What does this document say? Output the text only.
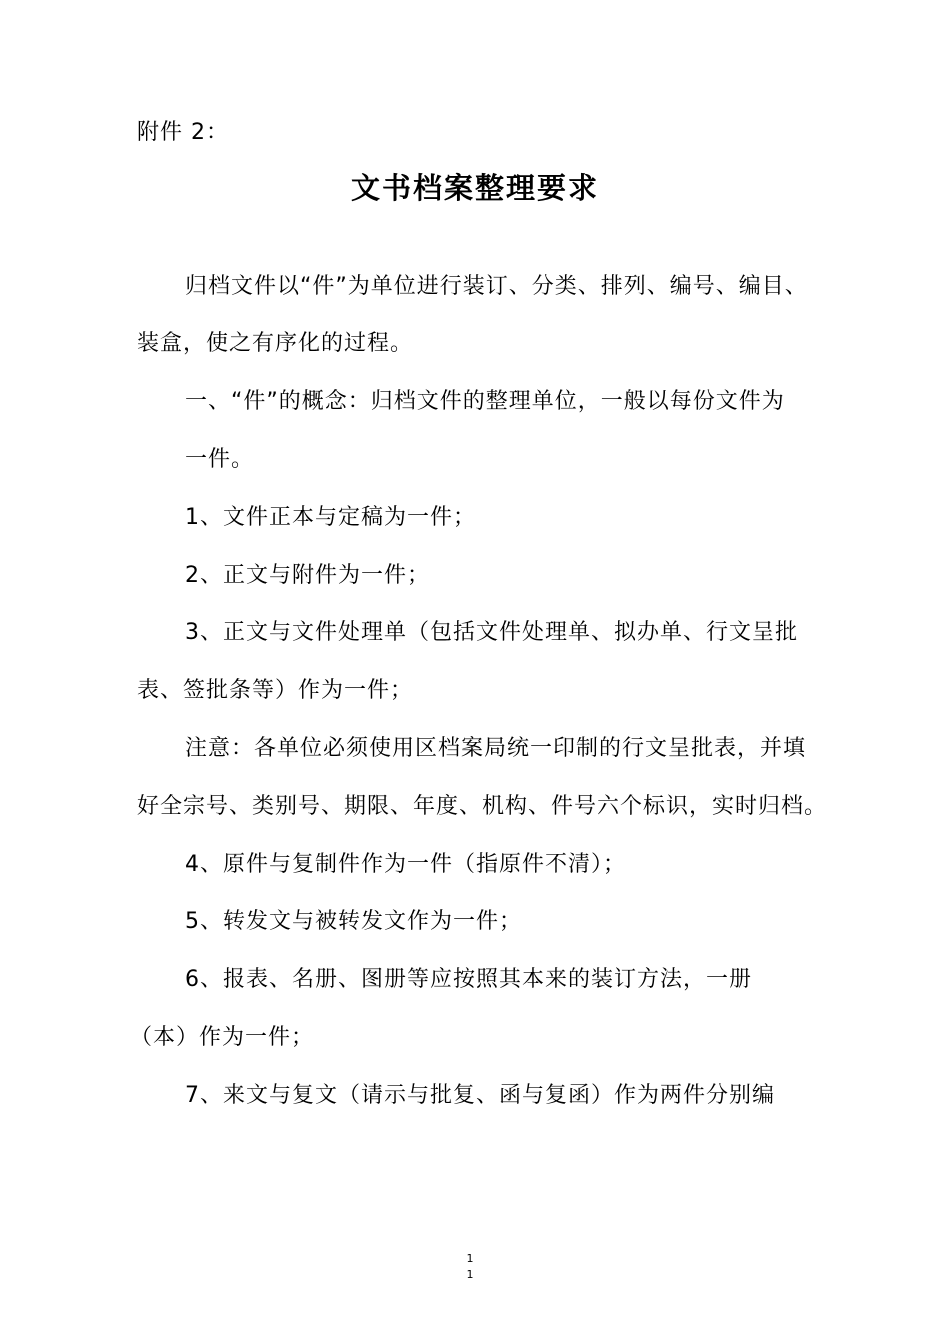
附件 2：
文书档案整理要求
归档文件以“件”为单位进行装订、分类、排列、编号、编目、
装盒，使之有序化的过程。
一、“件”的概念：归档文件的整理单位，一般以每份文件为
一件。
1、文件正本与定稿为一件；
2、正文与附件为一件；
3、正文与文件处理单（包括文件处理单、拟办单、行文呈批
表、签批条等）作为一件；
注意：各单位必须使用区档案局统一印制的行文呈批表，并填
好全宗号、类别号、期限、年度、机构、件号六个标识，实时归档。
4、原件与复制件作为一件（指原件不清）；
5、转发文与被转发文作为一件；
6、报表、名册、图册等应按照其本来的装订方法，一册
（本）作为一件；
7、来文与复文（请示与批复、函与复函）作为两件分别编
1
1
